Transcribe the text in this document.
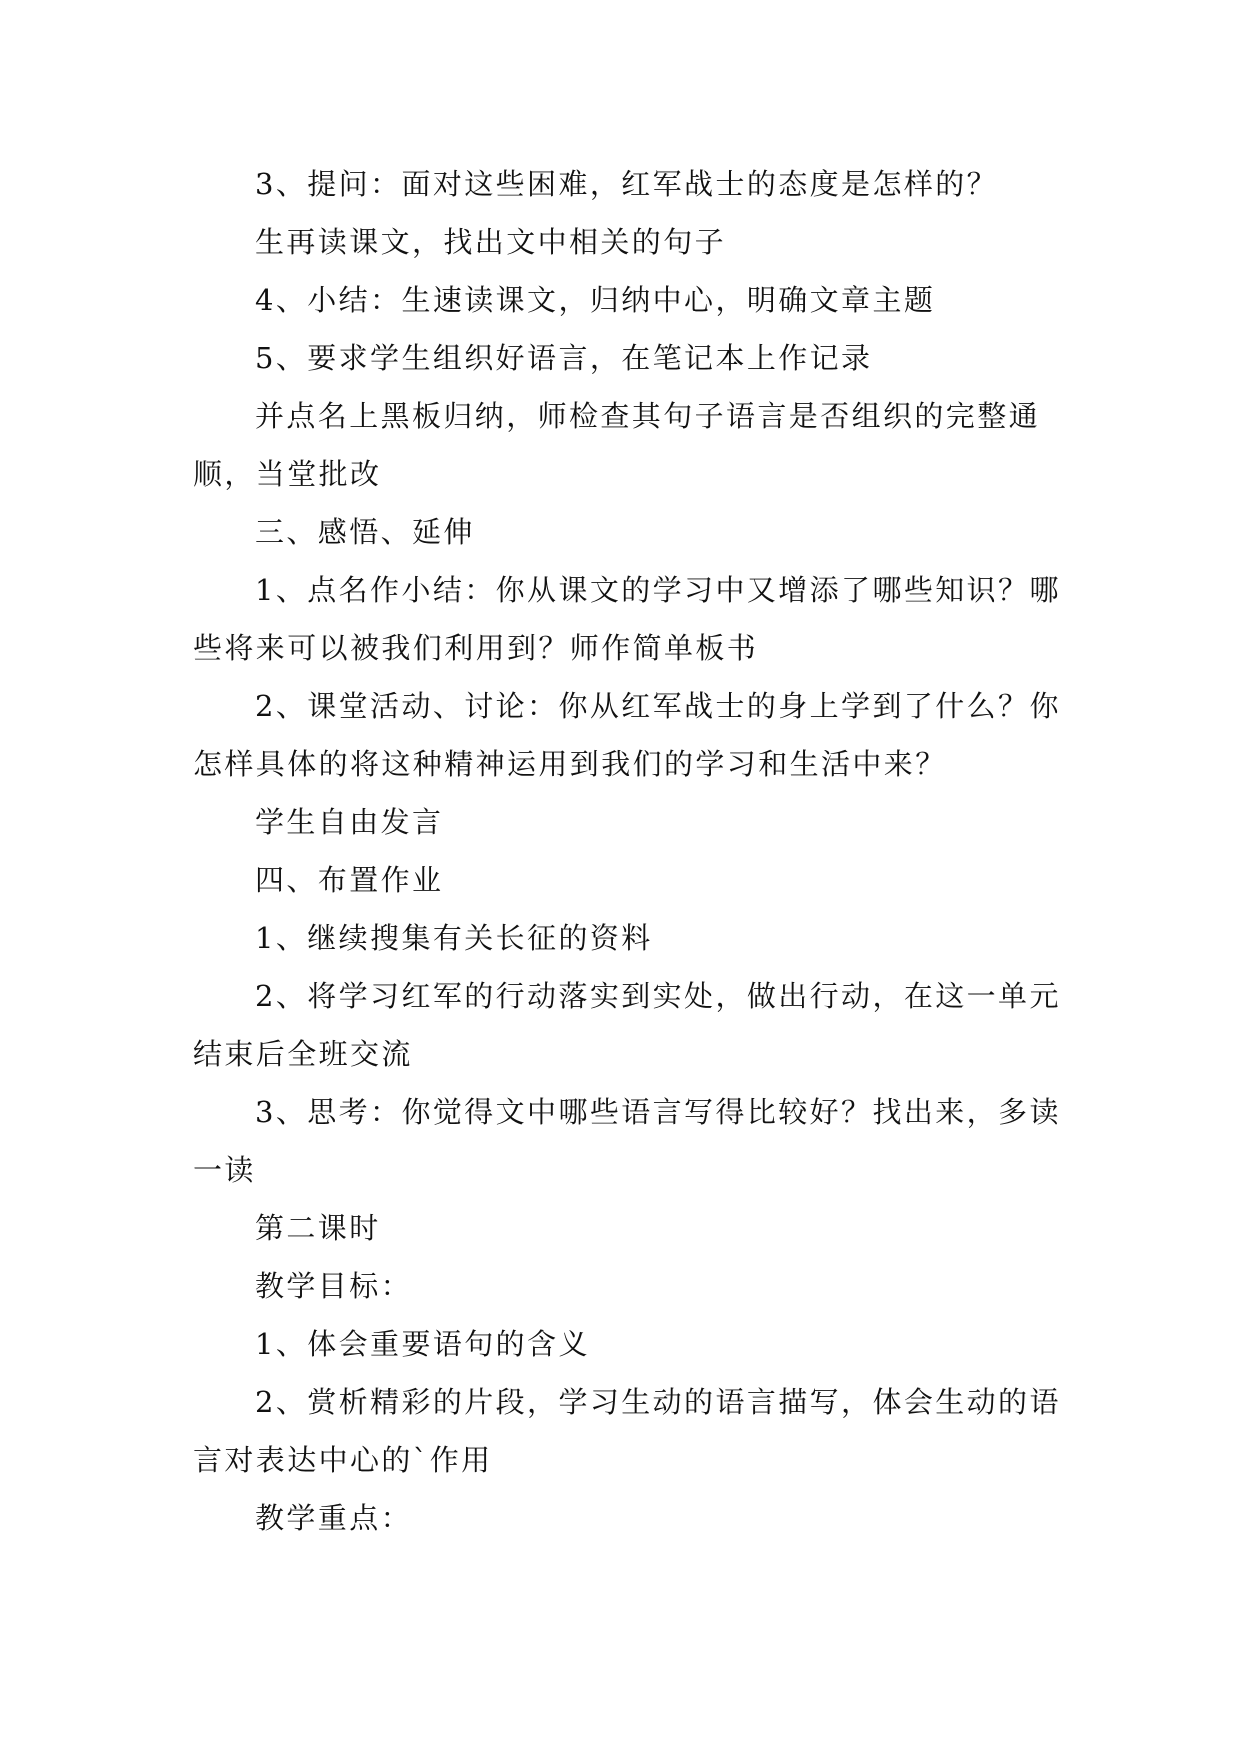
3、提问：面对这些困难，红军战士的态度是怎样的？

生再读课文，找出文中相关的句子

4、小结：生速读课文，归纳中心，明确文章主题

5、要求学生组织好语言，在笔记本上作记录

并点名上黑板归纳，师检查其句子语言是否组织的完整通顺，当堂批改

三、感悟、延伸

1、点名作小结：你从课文的学习中又增添了哪些知识？哪些将来可以被我们利用到？师作简单板书

2、课堂活动、讨论：你从红军战士的身上学到了什么？你怎样具体的将这种精神运用到我们的学习和生活中来？

学生自由发言

四、布置作业

1、继续搜集有关长征的资料

2、将学习红军的行动落实到实处，做出行动，在这一单元结束后全班交流

3、思考：你觉得文中哪些语言写得比较好？找出来，多读一读

第二课时

教学目标：

1、体会重要语句的含义

2、赏析精彩的片段，学习生动的语言描写，体会生动的语言对表达中心的`作用

教学重点：
